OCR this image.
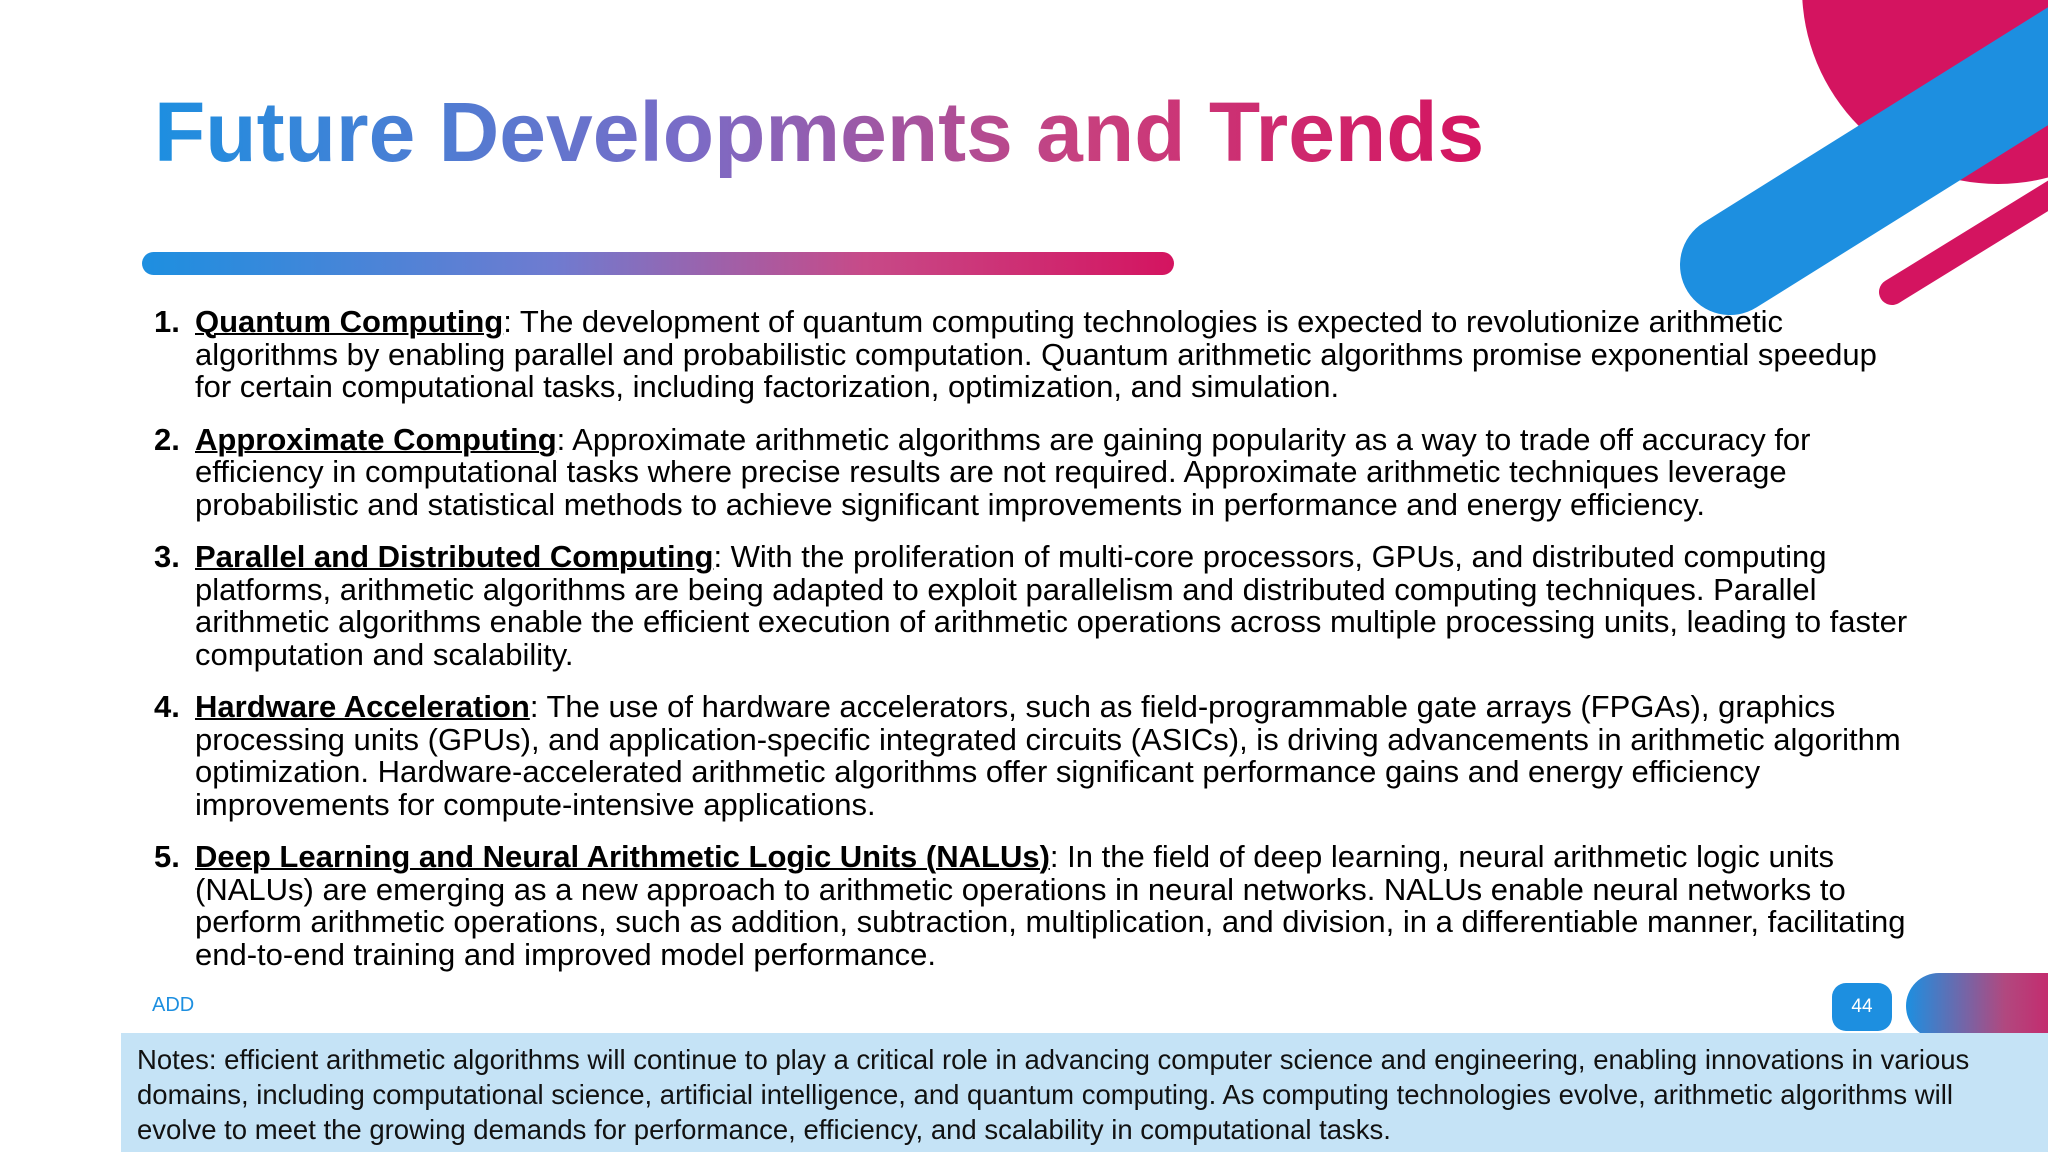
Future Developments and Trends
1. Quantum Computing: The development of quantum computing technologies is expected to revolutionize arithmetic algorithms by enabling parallel and probabilistic computation. Quantum arithmetic algorithms promise exponential speedup for certain computational tasks, including factorization, optimization, and simulation.
2. Approximate Computing: Approximate arithmetic algorithms are gaining popularity as a way to trade off accuracy for efficiency in computational tasks where precise results are not required. Approximate arithmetic techniques leverage probabilistic and statistical methods to achieve significant improvements in performance and energy efficiency.
3. Parallel and Distributed Computing: With the proliferation of multi-core processors, GPUs, and distributed computing platforms, arithmetic algorithms are being adapted to exploit parallelism and distributed computing techniques. Parallel arithmetic algorithms enable the efficient execution of arithmetic operations across multiple processing units, leading to faster computation and scalability.
4. Hardware Acceleration: The use of hardware accelerators, such as field-programmable gate arrays (FPGAs), graphics processing units (GPUs), and application-specific integrated circuits (ASICs), is driving advancements in arithmetic algorithm optimization. Hardware-accelerated arithmetic algorithms offer significant performance gains and energy efficiency improvements for compute-intensive applications.
5. Deep Learning and Neural Arithmetic Logic Units (NALUs): In the field of deep learning, neural arithmetic logic units (NALUs) are emerging as a new approach to arithmetic operations in neural networks. NALUs enable neural networks to perform arithmetic operations, such as addition, subtraction, multiplication, and division, in a differentiable manner, facilitating end-to-end training and improved model performance.
ADD	44
Notes: efficient arithmetic algorithms will continue to play a critical role in advancing computer science and engineering, enabling innovations in various domains, including computational science, artificial intelligence, and quantum computing. As computing technologies evolve, arithmetic algorithms will evolve to meet the growing demands for performance, efficiency, and scalability in computational tasks.
